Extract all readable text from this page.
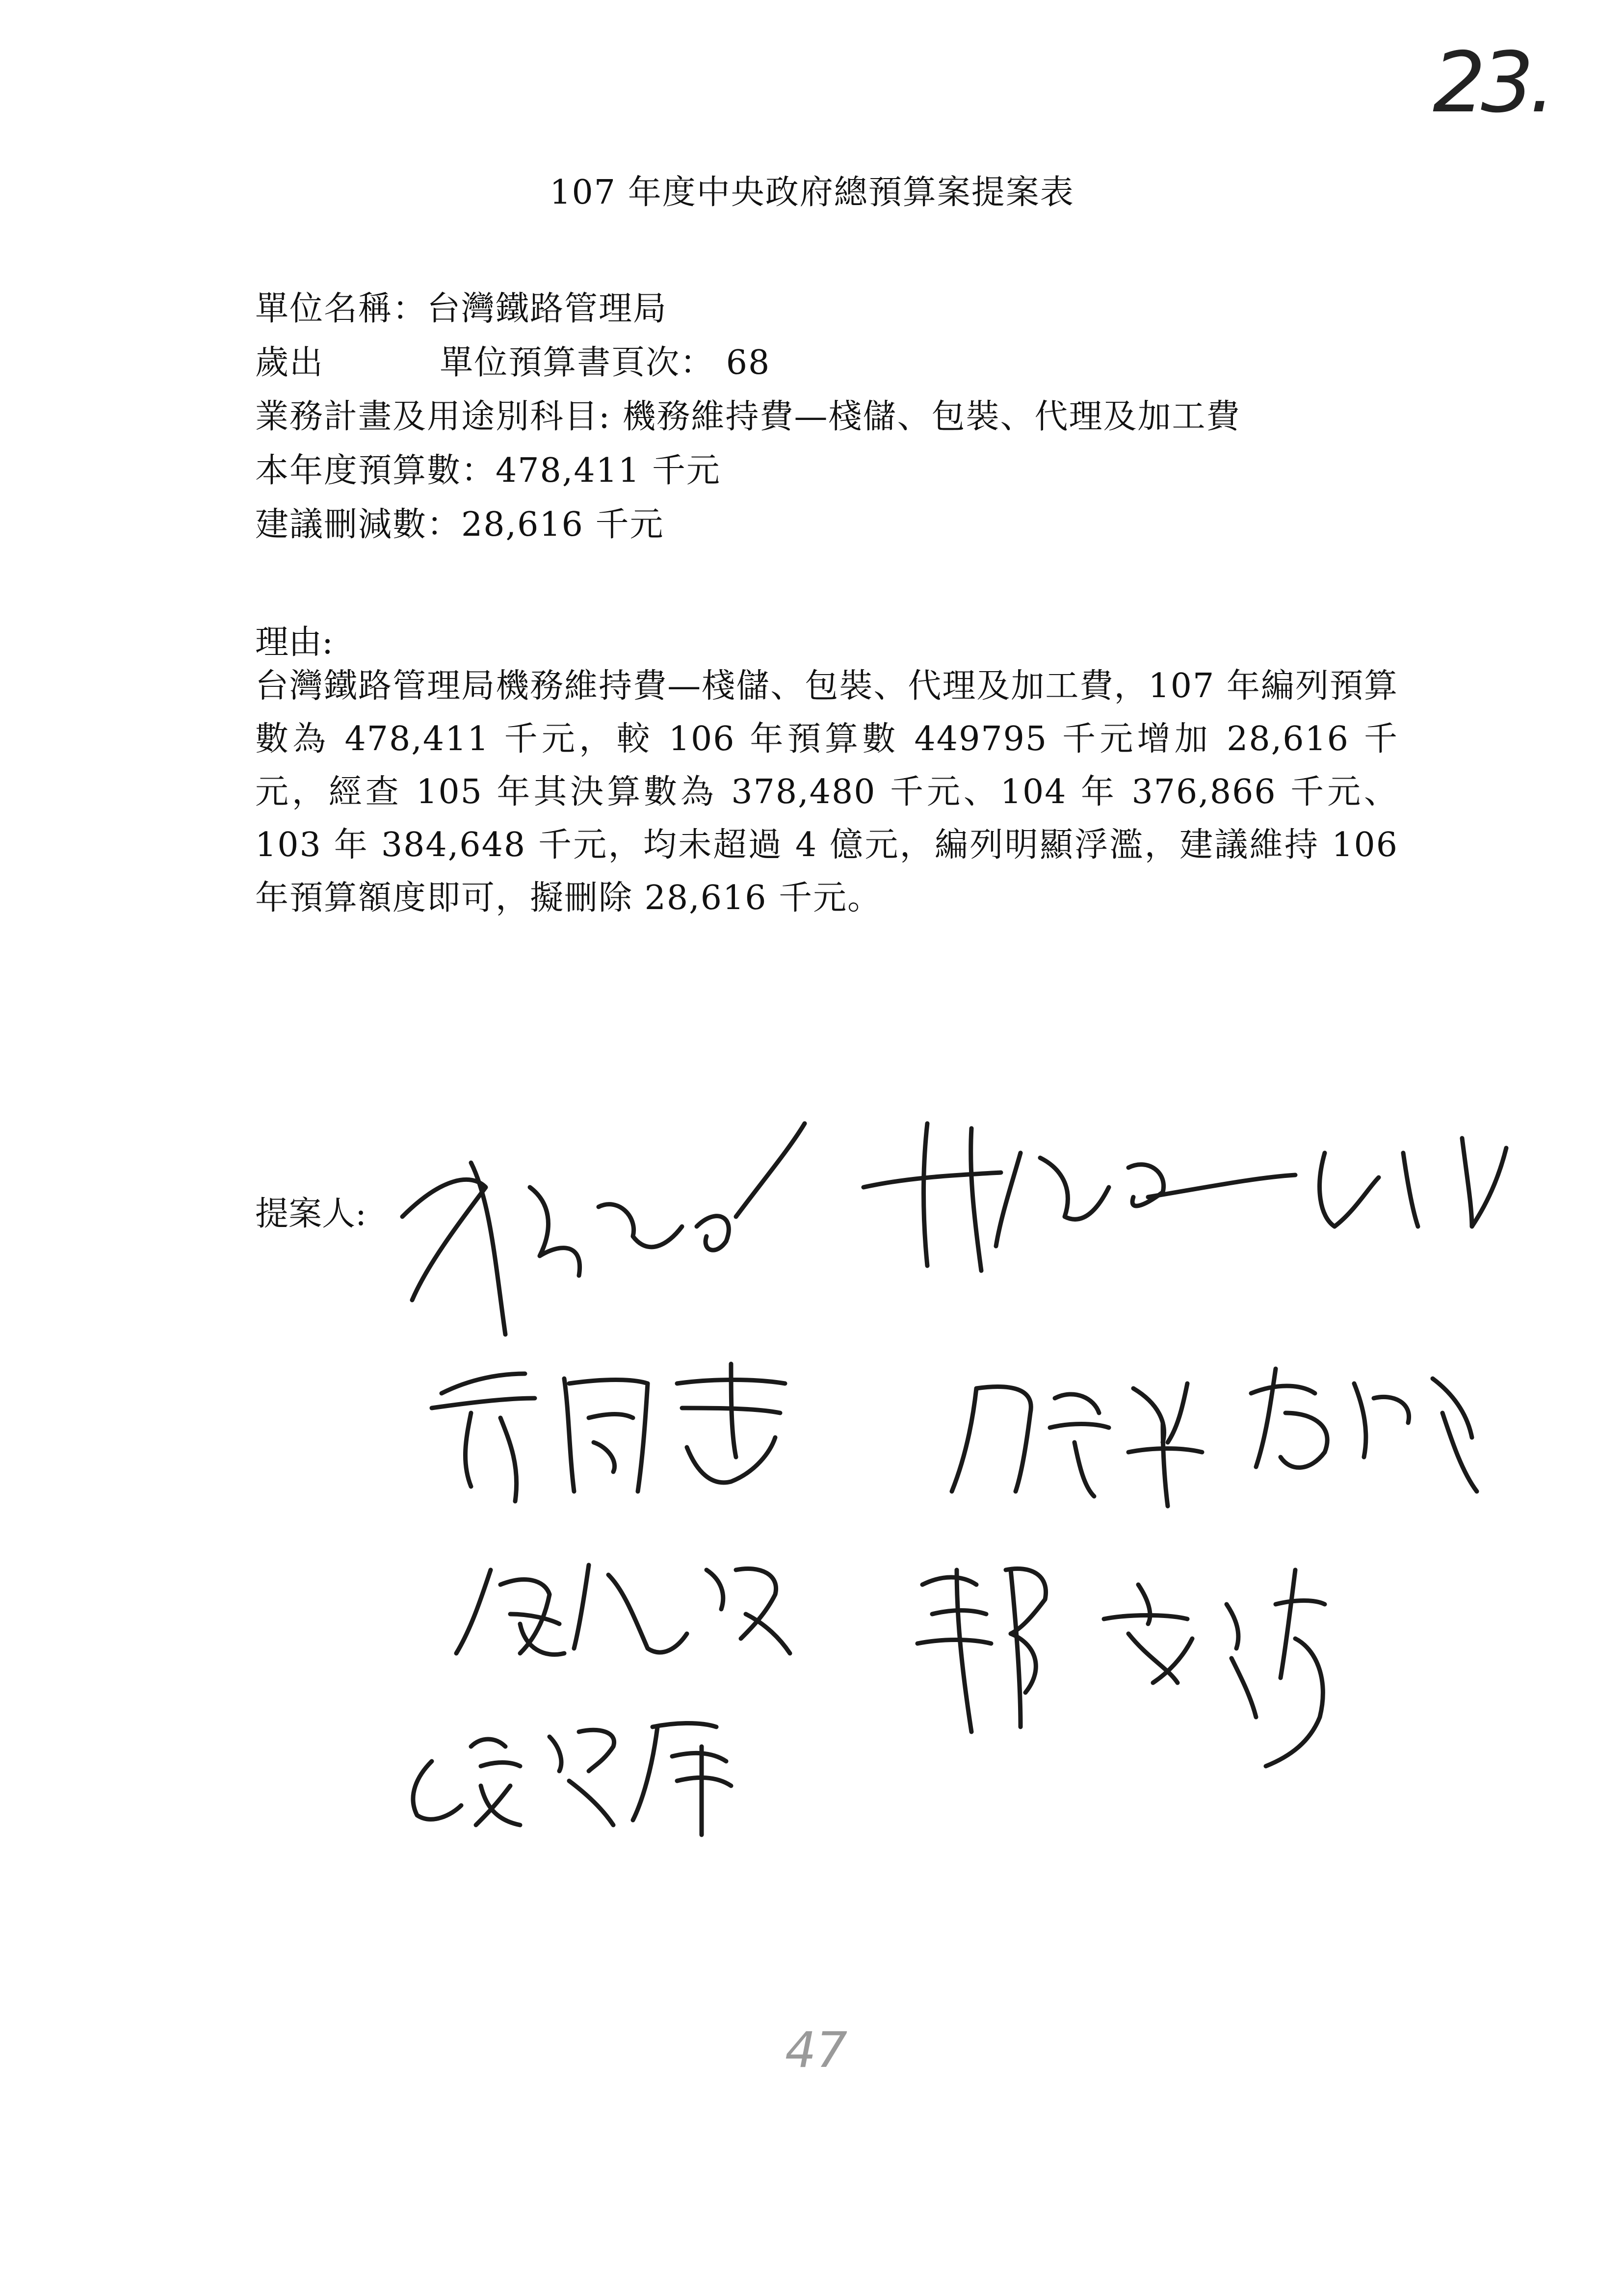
23.
107 年度中央政府總預算案提案表
單位名稱：台灣鐵路管理局
歲出          單位預算書頁次： 68
業務計畫及用途別科目: 機務維持費—棧儲、包裝、代理及加工費
本年度預算數：478,411 千元
建議刪減數：28,616 千元
理由:
台灣鐵路管理局機務維持費—棧儲、包裝、代理及加工費，107 年編列預算數為 478,411 千元，較 106 年預算數 449795 千元增加 28,616 千元，經查 105 年其決算數為 378,480 千元、104 年 376,866 千元、103 年 384,648 千元，均未超過 4 億元，編列明顯浮濫，建議維持 106 年預算額度即可，擬刪除 28,616 千元。
提案人:
47
